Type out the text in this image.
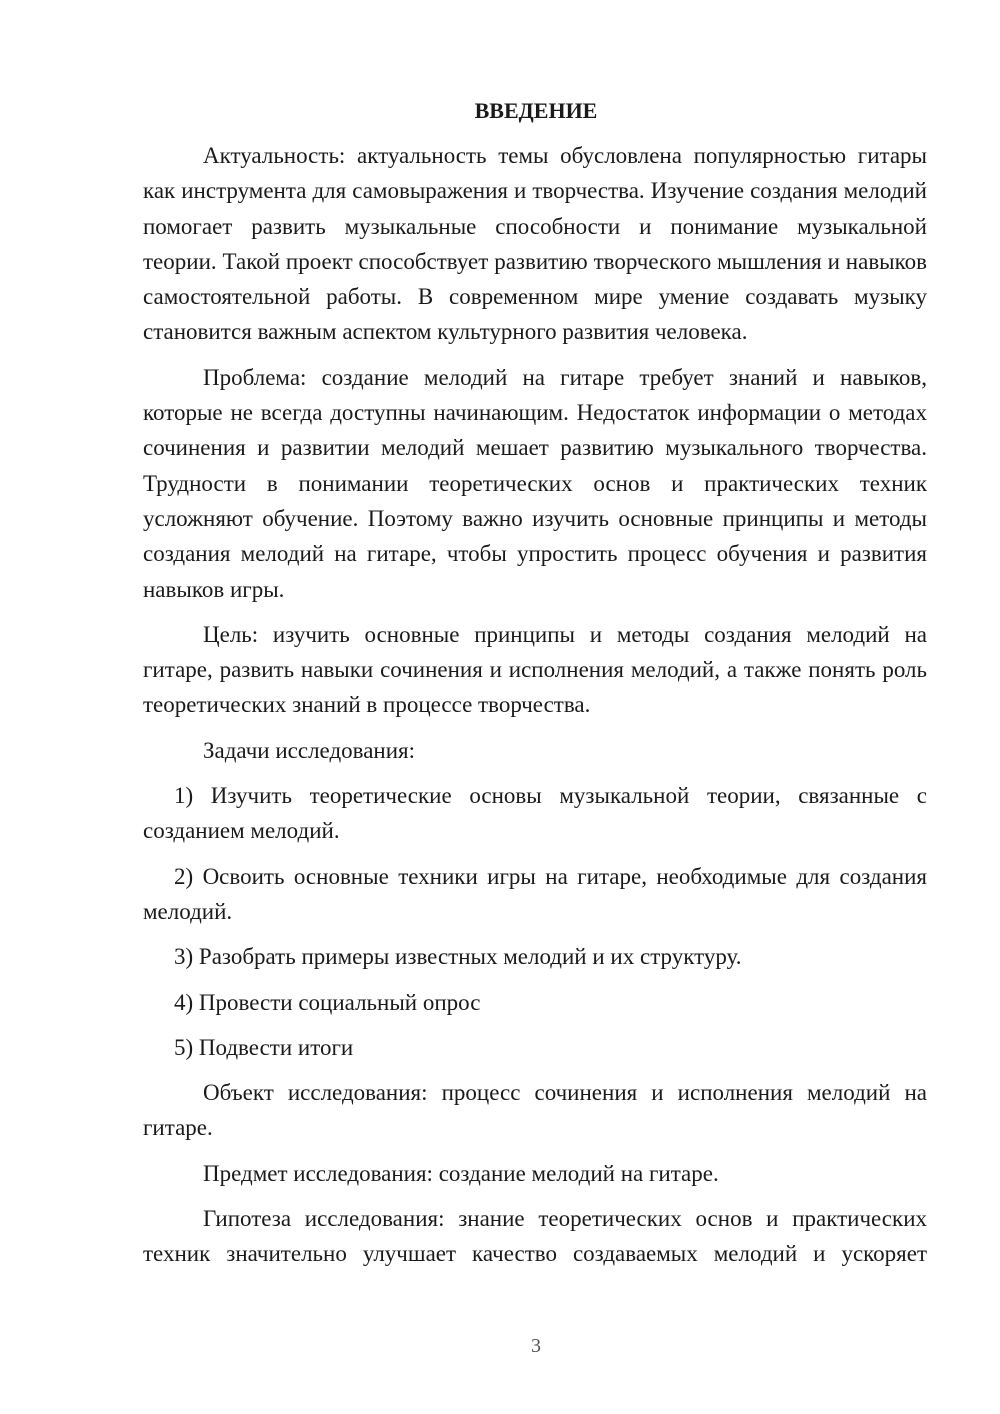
ВВЕДЕНИЕ

Актуальность: актуальность темы обусловлена популярностью гитары как инструмента для самовыражения и творчества. Изучение создания мелодий помогает развить музыкальные способности и понимание музыкальной теории. Такой проект способствует развитию творческого мышления и навыков самостоятельной работы. В современном мире умение создавать музыку становится важным аспектом культурного развития человека.

Проблема: создание мелодий на гитаре требует знаний и навыков, которые не всегда доступны начинающим. Недостаток информации о методах сочинения и развитии мелодий мешает развитию музыкального творчества. Трудности в понимании теоретических основ и практических техник усложняют обучение. Поэтому важно изучить основные принципы и методы создания мелодий на гитаре, чтобы упростить процесс обучения и развития навыков игры.

Цель: изучить основные принципы и методы создания мелодий на гитаре, развить навыки сочинения и исполнения мелодий, а также понять роль теоретических знаний в процессе творчества.

Задачи исследования:

1) Изучить теоретические основы музыкальной теории, связанные с созданием мелодий.

2) Освоить основные техники игры на гитаре, необходимые для создания мелодий.

3) Разобрать примеры известных мелодий и их структуру.

4) Провести социальный опрос

5) Подвести итоги

Объект исследования: процесс сочинения и исполнения мелодий на гитаре.

Предмет исследования: создание мелодий на гитаре.

Гипотеза исследования: знание теоретических основ и практических техник значительно улучшает качество создаваемых мелодий и ускоряет

3
